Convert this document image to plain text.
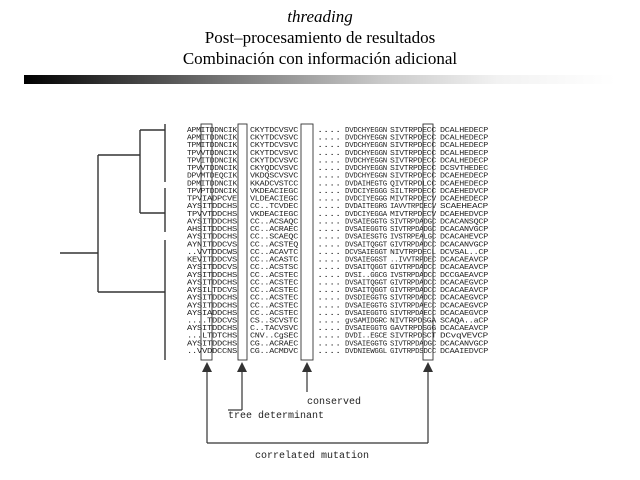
threading
Post–procesamiento de resultados
Combinación con información adicional
APMITDDNCIK CKYTDCVSVC .... DVDCHYEGGN SIVTRPDECC DCALHEDECP
APMITDDNCIK CKYTDCVSVC .... DVDCHYEGGN SIVTRPDECC DCALHEDECP
TPMITDDNCIK CKYTDCVSVC .... DVDCHYEGGN SIVTRPDECC DCALHEDECP
TPVVTDDNCIK CKYTDCVSVC .... DVDCHYEGGN SIVTRPDECC DCALHEDECP
TPVITDDNCIK CKYTDCVSVC .... DVDCHYEGGN SIVTRPDECC DCALHEDECP
TPVVTDDNCIK CKYQDCVSVC .... DVDCHYEGGN SIVTRPDECC DCSVTHEDEC
DPVMTDEQCIK VKDQSCVSVC .... DVDCHYEGGN SIVTRPDECC DCAEHEDECP
DPMITDDNCIK KKADCVSTCC .... DVDAIHEGTG QIVTRPDLCC DCAEHEDECP
TPVPTDDNCIK VKDEACIEGC .... DVDCIYEGGG SILTRPDECC DCAEHEDVCP
TPVIADPCVE VLDEACIEGC .... DVDCIYEGGG MIVTRPDECV DCAEHEDECP
AYSITDDCHS CC..TCVDEC .... DVDAITEGRG IAVVTRPDECV SCAEHEACP
TPVVTDDCHS VKDEACIEGC .... DVDCIYEGGA MIVTRPDECV DCAEHEDVCP
AYSITDDCHS CC..ACSAQC .... DVSAIEGGTG SIVTRPDADGC DCACANSQCP
AHSITDDCHS CC..ACRAEC .... DVSAIEGGTG SIVTRPDADGC DCACANVGCP
AYSITDDCHS CC..SCAEQC .... DVSAIESGTG IVSTRPEALGC DCACAHEVCP
AYNITDDCVS CC..ACSTEQ	.... DVSAITQGGT GIVTRPDADCC DCACANVGCP
..VVTDDCWS CC..ACAVTC .... DCVSAIEGGT NIVTRPDECL DCVSAL..CP
KEVITDDCVS CC..ACASTC .... DVSAIEGGST ..IVVTRPDEC DCACAEAVCP
AYSITDDCVS CC..ACSTSC .... DVSAITQGGT GIVTRPDADCC DCACAEAVCP
AYSITDDCHS CC..ACSTEC .... DVSI..GGCG IVSTRPDADCC DCCGAEAVCP
AYSITDDCHS CC..ACSTEC .... DVSAITQGGT GIVTRPDADCC DCACAEGVCP
AYSILTDCVS CC..ACSTEC .... DVSAITQGGT GIVTRPDADCC DCACAEAVCP
AYSITDDCHS CC..ACSTEC .... DVSDIEGGTG SIVTRPDADCC DCACAEGVCP
AYSITDDCHS CC..ACSTEC .... DVSAIEGGTG SIVTRPDAECC DCACAEGVCP
AYSIADDCHS CC..ACSTEC .... DVSAIEGGTG SIVTRPDAECC DCACAEGVCP
....TDDCVS CS..SCVSTC .... gvSAMIDGRC NIVTRPDSGA SCAQA..aCP
AYSITDDCHS C..TACVSVC .... DVSAIEGGTG GAVTRPDSGG DCACAEAVCP
...LTDTCHS CNV..CgSEC .... DVDI..EGCE SIVTRPDSCT DCvqVEVCP
AYSITDDCHS CG..ACRAEC .... DVSAIEGGTG SIVTRPDADGC DCACANVGCP
..VVDDCCNS CG..ACMDVC .... DVDNIEWGGL GIVTRPDSDCC DCAAIEDVCP
conserved
tree determinant
correlated mutation
